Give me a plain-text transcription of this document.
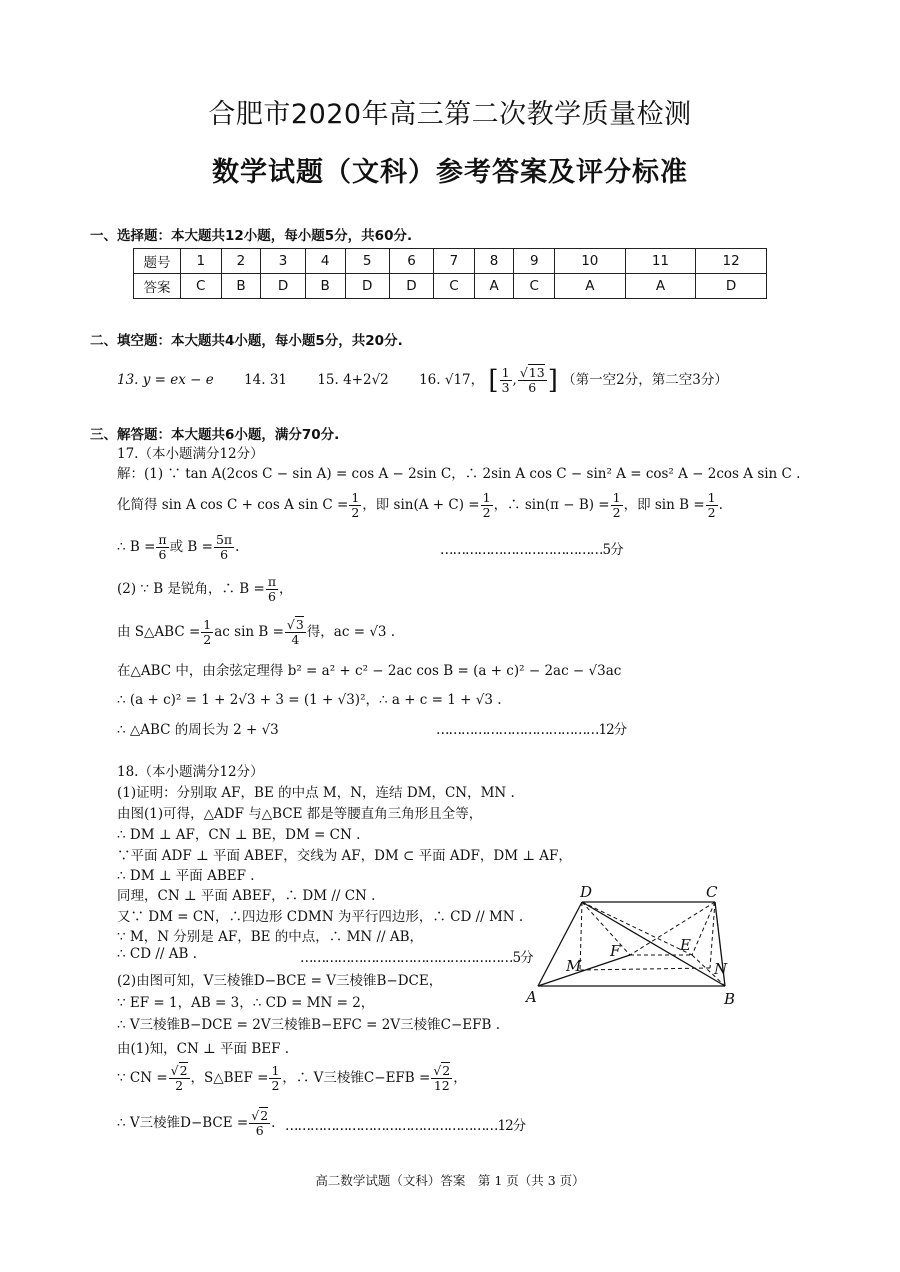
合肥市2020年高三第二次教学质量检测
数学试题（文科）参考答案及评分标准
一、选择题：本大题共12小题，每小题5分，共60分.
题号	1	2	3	4	5	6	7	8	9	10	11	12
答案	C	B	D	B	D	D	C	A	C	A	A	D
二、填空题：本大题共4小题，每小题5分，共20分.
13. y = ex − e 14. 31 15. 4+2√2 16. √17， [ $\frac{1}{3}$ , $\frac{√13}{6}$ ] （第一空2分，第二空3分）
三、解答题：本大题共6小题，满分70分.
17.（本小题满分12分）
解：(1) ∵ tan A(2cos C − sin A) = cos A − 2sin C，∴ 2sin A cos C − sin² A = cos² A − 2cos A sin C .
化简得 sin A cos C + cos A $\sin C = \frac{1}{2}$ ，即 $\sin(A + C) = \frac{1}{2}$ ，∴ $\sin(\pi - B) = \frac{1}{2}$ ，即 $\sin B = \frac{1}{2}$ .
∴ $B = \frac{\pi}{6}$ 或 $B = \frac{5\pi}{6}$ .	…………………………………5分
(2) ∵ B 是锐角，∴ $B = \frac{\pi}{6}$ ，
由 S△ABC = $\frac{1}{2}$ ac $\sin B = \frac{√3}{4}$ 得，ac = √3 .
在△ABC 中，由余弦定理得 b² = a² + c² − 2ac cos B = (a + c)² − 2ac − √3ac
∴ (a + c)² = 1 + 2√3 + 3 = (1 + √3)²，∴ a + c = 1 + √3 .
∴ △ABC 的周长为 2 + √3	…………………………………12分
18.（本小题满分12分）
(1)证明：分别取 AF，BE 的中点 M，N，连结 DM，CN，MN .
由图(1)可得，△ADF 与△BCE 都是等腰直角三角形且全等，
∴ DM ⊥ AF，CN ⊥ BE，DM = CN .
∵平面 ADF ⊥ 平面 ABEF，交线为 AF，DM ⊂ 平面 ADF，DM ⊥ AF，
∴ DM ⊥ 平面 ABEF .
同理，CN ⊥ 平面 ABEF，∴ DM // CN .
又∵ DM = CN，∴四边形 CDMN 为平行四边形，∴ CD // MN .
∵ M，N 分别是 AF，BE 的中点，∴ MN // AB，
∴ CD // AB .	……………………………………………5分
(2)由图可知，V三棱锥D−BCE = V三棱锥B−DCE，
∵ EF = 1，AB = 3，∴ CD = MN = 2，
∴ V三棱锥B−DCE = 2V三棱锥B−EFC = 2V三棱锥C−EFB .
由(1)知，CN ⊥ 平面 BEF .
∵ CN = $\frac{√2}{2}$ ，S△BEF = $\frac{1}{2}$ ，∴ V三棱锥$C-EFB = \frac{√2}{12}$ ，
∴ V三棱锥$D-BCE = \frac{√2}{6}$ . ……………………………………………12分
D	C
F	E
M	N
A	B
高二数学试题（文科）答案　第 1 页（共 3 页）
